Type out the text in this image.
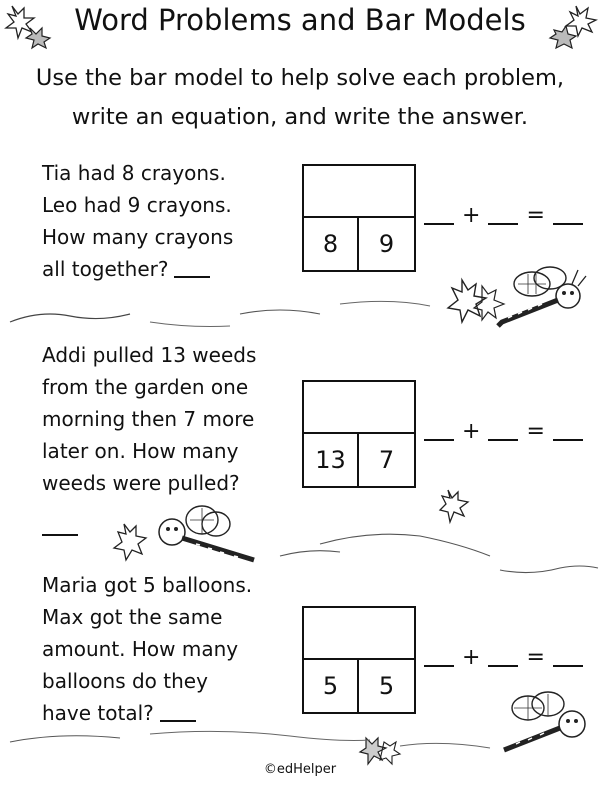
Word Problems and Bar Models
Use the bar model to help solve each problem,
write an equation, and write the answer.
Tia had 8 crayons.
Leo had 9 crayons.
How many crayons
all together?
8	9
+ =
Addi pulled 13 weeds
from the garden one
morning then 7 more
later on. How many
weeds were pulled?
13	7
+ =
Maria got 5 balloons.
Max got the same
amount. How many
balloons do they
have total?
5	5
+ =
©edHelper
